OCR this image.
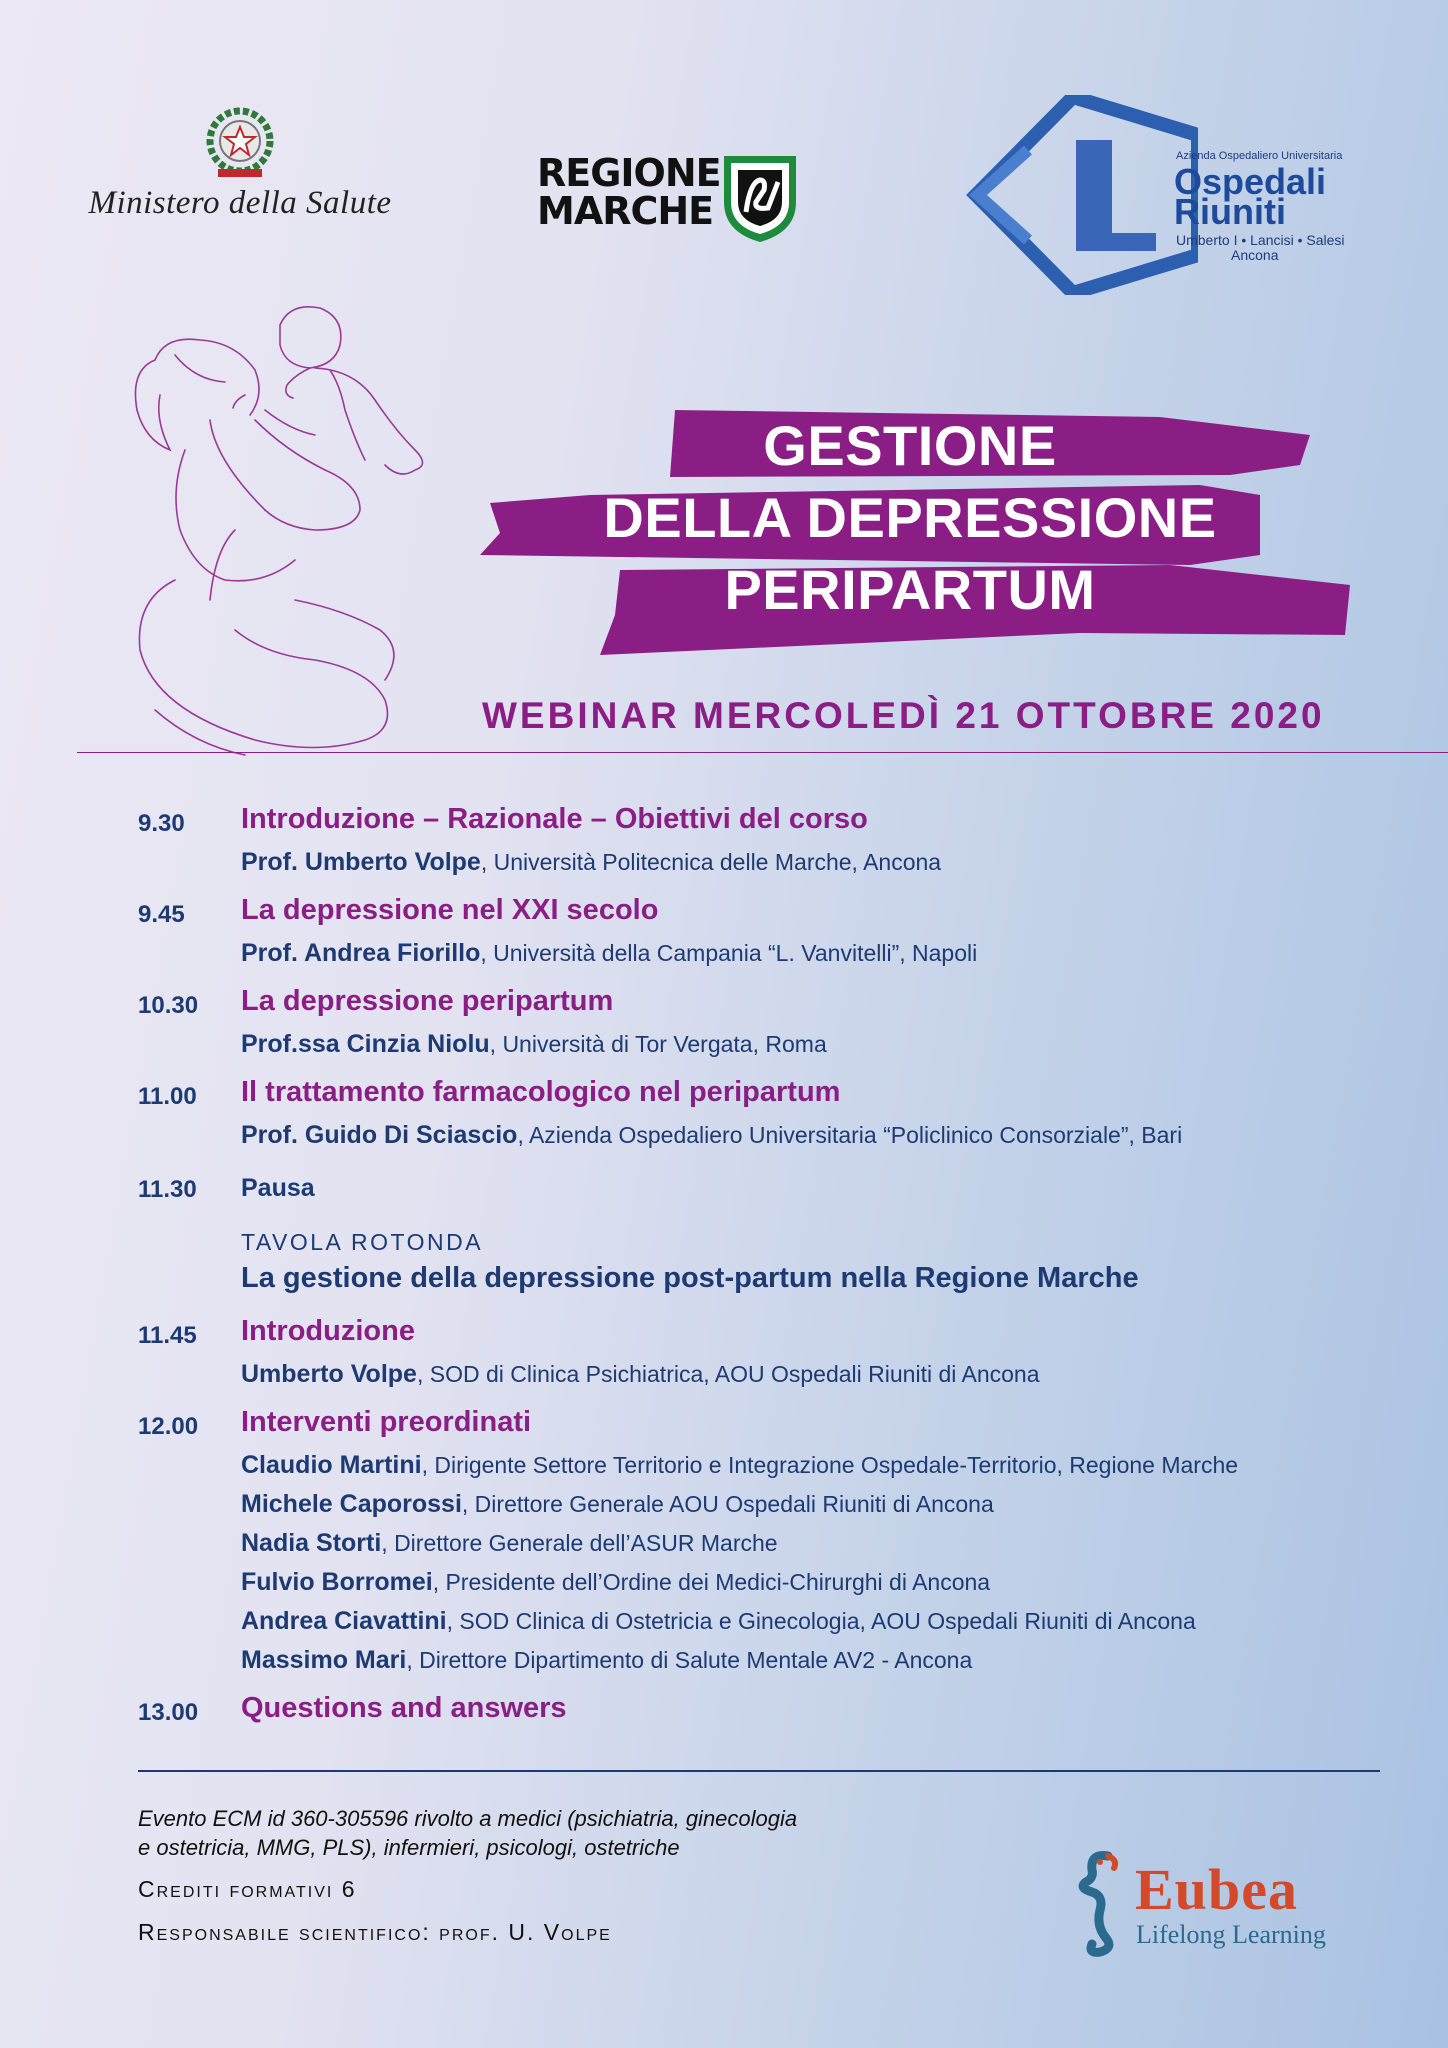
Ministero della Salute
REGIONE
MARCHE
Azienda Ospedaliero Universitaria
Ospedali
Riuniti
Umberto I • Lancisi • Salesi
Ancona
GESTIONE
DELLA DEPRESSIONE
PERIPARTUM
WEBINAR MERCOLEDÌ 21 OTTOBRE 2020
9.30	Introduzione – Razionale – Obiettivi del corso
Prof. Umberto Volpe, Università Politecnica delle Marche, Ancona
9.45	La depressione nel XXI secolo
Prof. Andrea Fiorillo, Università della Campania “L. Vanvitelli”, Napoli
10.30	La depressione peripartum
Prof.ssa Cinzia Niolu, Università di Tor Vergata, Roma
11.00	Il trattamento farmacologico nel peripartum
Prof. Guido Di Sciascio, Azienda Ospedaliero Universitaria “Policlinico Consorziale”, Bari
11.30	Pausa
TAVOLA ROTONDA
La gestione della depressione post-partum nella Regione Marche
11.45	Introduzione
Umberto Volpe, SOD di Clinica Psichiatrica, AOU Ospedali Riuniti di Ancona
12.00	Interventi preordinati
Claudio Martini, Dirigente Settore Territorio e Integrazione Ospedale-Territorio, Regione Marche
Michele Caporossi, Direttore Generale AOU Ospedali Riuniti di Ancona
Nadia Storti, Direttore Generale dell’ASUR Marche
Fulvio Borromei, Presidente dell’Ordine dei Medici-Chirurghi di Ancona
Andrea Ciavattini, SOD Clinica di Ostetricia e Ginecologia, AOU Ospedali Riuniti di Ancona
Massimo Mari, Direttore Dipartimento di Salute Mentale AV2 - Ancona
13.00	Questions and answers
Evento ECM id 360-305596 rivolto a medici (psichiatria, ginecologia
e ostetricia, MMG, PLS), infermieri, psicologi, ostetriche
Crediti formativi 6
Responsabile scientifico: prof. U. Volpe
Eubea
Lifelong Learning
